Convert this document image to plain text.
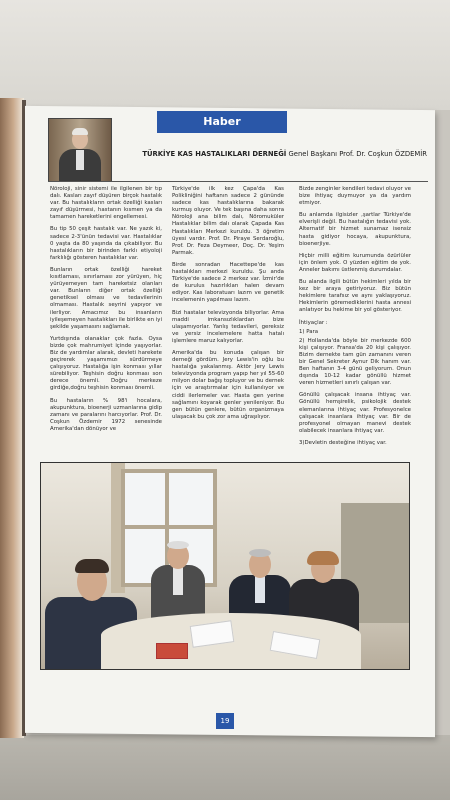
Haber
TÜRKİYE KAS HASTALIKLARI DERNEĞİ Genel Başkanı Prof. Dr. Coşkun ÖZDEMİR

Nöroloji, sinir sistemi ile ilgilenen bir tıp dalı. Kasları zayıf düşüren birçok hastalık var. Bu hastalıkların ortak özelliği kasları zayıf düşürmesi, hastanın kısmen ya da tamamen hareketlerini engellemesi.

Bu tip 50 çeşit hastalık var. Ne yazık ki, sadece 2-3'ünün tedavisi var. Hastalıklar 0 yaşta da 80 yaşında da çıkabiliyor. Bu hastalıkların bir birinden farklı etiyoloji farklılığı gösteren hastalıklar var.

Bunların ortak özelliği hareket kısıtlaması, sınırlaması zor yürüyen, hiç yürüyemeyen tam hareketsiz olanları var. Bunların diğer ortak özelliği genetiksel olması ve tedavilerinin olmaması. Hastalık seyrini yapıyor ve ilerliyor. Amacımız bu insanların iyileşemeyen hastalıkları ile birlikte en iyi şekilde yaşamasını sağlamak.

Yurtdışında olanaklar çok fazla. Oysa bizde çok mahrumiyet içinde yaşıyorlar. Biz de yardımlar alarak, devleti harekete geçirerek yaşamımızı sürdürmeye çalışıyoruz. Hastalığa işin konması yıllar sürebiliyor. Teşhisin doğru konması son derece önemli. Doğru merkeze girdiğe,doğru teşhisin konması önemli.

Bu hastaların % 98'i hocalara, akupunktura, bioenerji uzmanlarına gidip zamanı ve paralarını harcıyorlar. Prof. Dr. Coşkun Özdemir 1972 senesinde Amerika'dan dönüyor ve

Türkiye'de ilk kez Çapa'da Kas Polikliniğini haftanın sadece 2 gününde sadece kas hastalıklarına bakarak kurmuş oluyor. Ve tek başına daha sonra Nöroloji ana bilim dalı, Nöromuküler Hastalıklar bilim dalı olarak Çapada Kas Hastalıkları Merkezi kuruldu. 3 öğretim üyesi vardır. Prof. Dr. Piraye Serdaroğlu, Prof. Dr. Feza Deymeer, Doç. Dr. Yeşim Parmak.

Birde sonradan Hacettepe'de kas hastalıkları merkezi kuruldu. Şu anda Türkiye'de sadece 2 merkez var. İzmir'de de kurulus hazırlıkları halen devam ediyor. Kas laboratuarı lazım ve genetik incelemenin yapılması lazım.

Bizi hastalar televizyonda biliyorlar. Ama maddi imkansızlıklardan bize ulaşamıyorlar. Yanlış tedavileri, gereksiz ve yersiz incelemelere hatta hatalı işlemlere maruz kalıyorlar.

Amerika'da bu konuda çalışan bir derneği gördüm. Jery Lewis'in oğlu bu hastalığa yakalanmış. Aktör Jery Lewis televizyonda program yapıp her yıl 55-60 milyon dolar bağış topluyor ve bu dernek için ve araştırmalar için kullanılıyor ve ciddi ilerlemeler var. Hasta gen yerine sağlamını koyarak genler yenileniyor. Bu gen bütün genlere, bütün organizmaya ulaşacak bu çok zor ama uğraşılıyor.

Bizde zenginler kendileri tedavi oluyor ve bize ihtiyaç duymuyor ya da yardım etmiyor.

Bu anlamda ilgisizler ,şartlar Türkiye'de elverişli değil. Bu hastalığın tedavisi yok. Alternatif bir hizmet sunamaz isensiz hasta gidiyor hocaya, akupunktura, bioenerjiye.

Hiçbir milli eğitim kurumunda özürlüler için önlem yok. O yüzden eğitim de yok. Anneler bakımı üstlenmiş durumdalar.

Bu alanda ilgili bütün hekimleri yılda bir kez bir araya getiriyoruz. Biz bütün hekimlere tarafsız ve aynı yaklaşıyoruz. Hekimlerin göremediklerini hasta annesi anlatıyor bu hekime bir yol gösteriyor.

İhtiyaçlar :

1) Para

2) Hollanda'da böyle bir merkezde 600 kişi çalışıyor. Fransa'da 20 kişi çalışıyor. Bizim dernekte tam gün zamanını veren bir Genel Sekreter Aynur Dik hanım var. Ben haftanın 3-4 günü geliyorum. Onun dışında 10-12 kadar gönüllü hizmet veren hizmetleri sınırlı çalışan var.

Gönüllü çalışacak insana ihtiyaç var. Gönüllü hemşirelik, psikolojik destek elemanlarına ihtiyaç var. Profesyonelce çalışacak insanlara ihtiyaç var. Bir de profesyonel olmayan manevi destek olabilecek insanlara ihtiyaç var.

3)Devletin desteğine ihtiyaç var.

19
